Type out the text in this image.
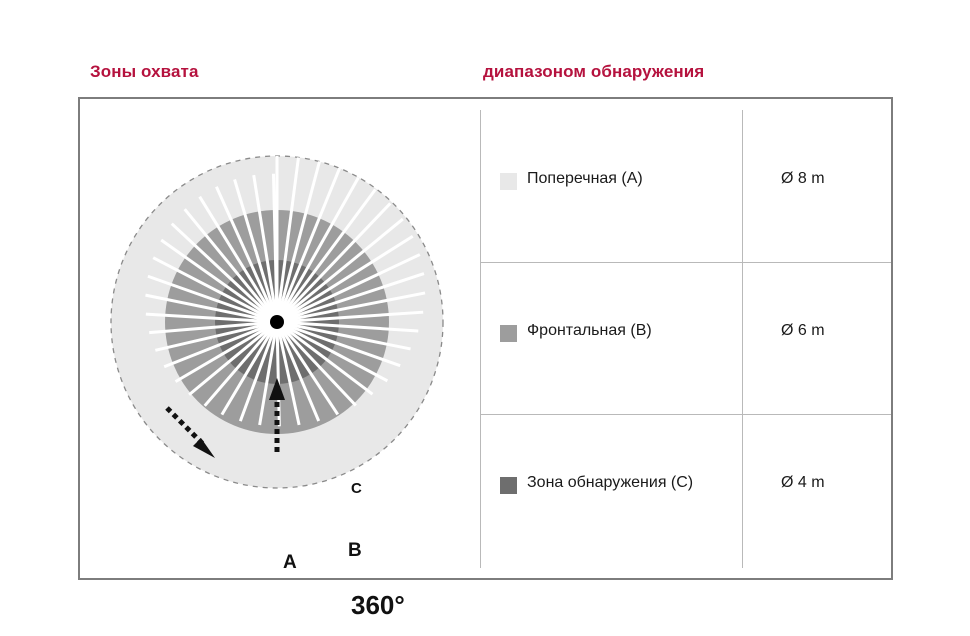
Зоны охвата	диапазоном обнаружения
C
B
A
360°
Поперечная (A)	Ø 8 m
Фронтальная (B)	Ø 6 m
Зона обнаружения (C)	Ø 4 m
